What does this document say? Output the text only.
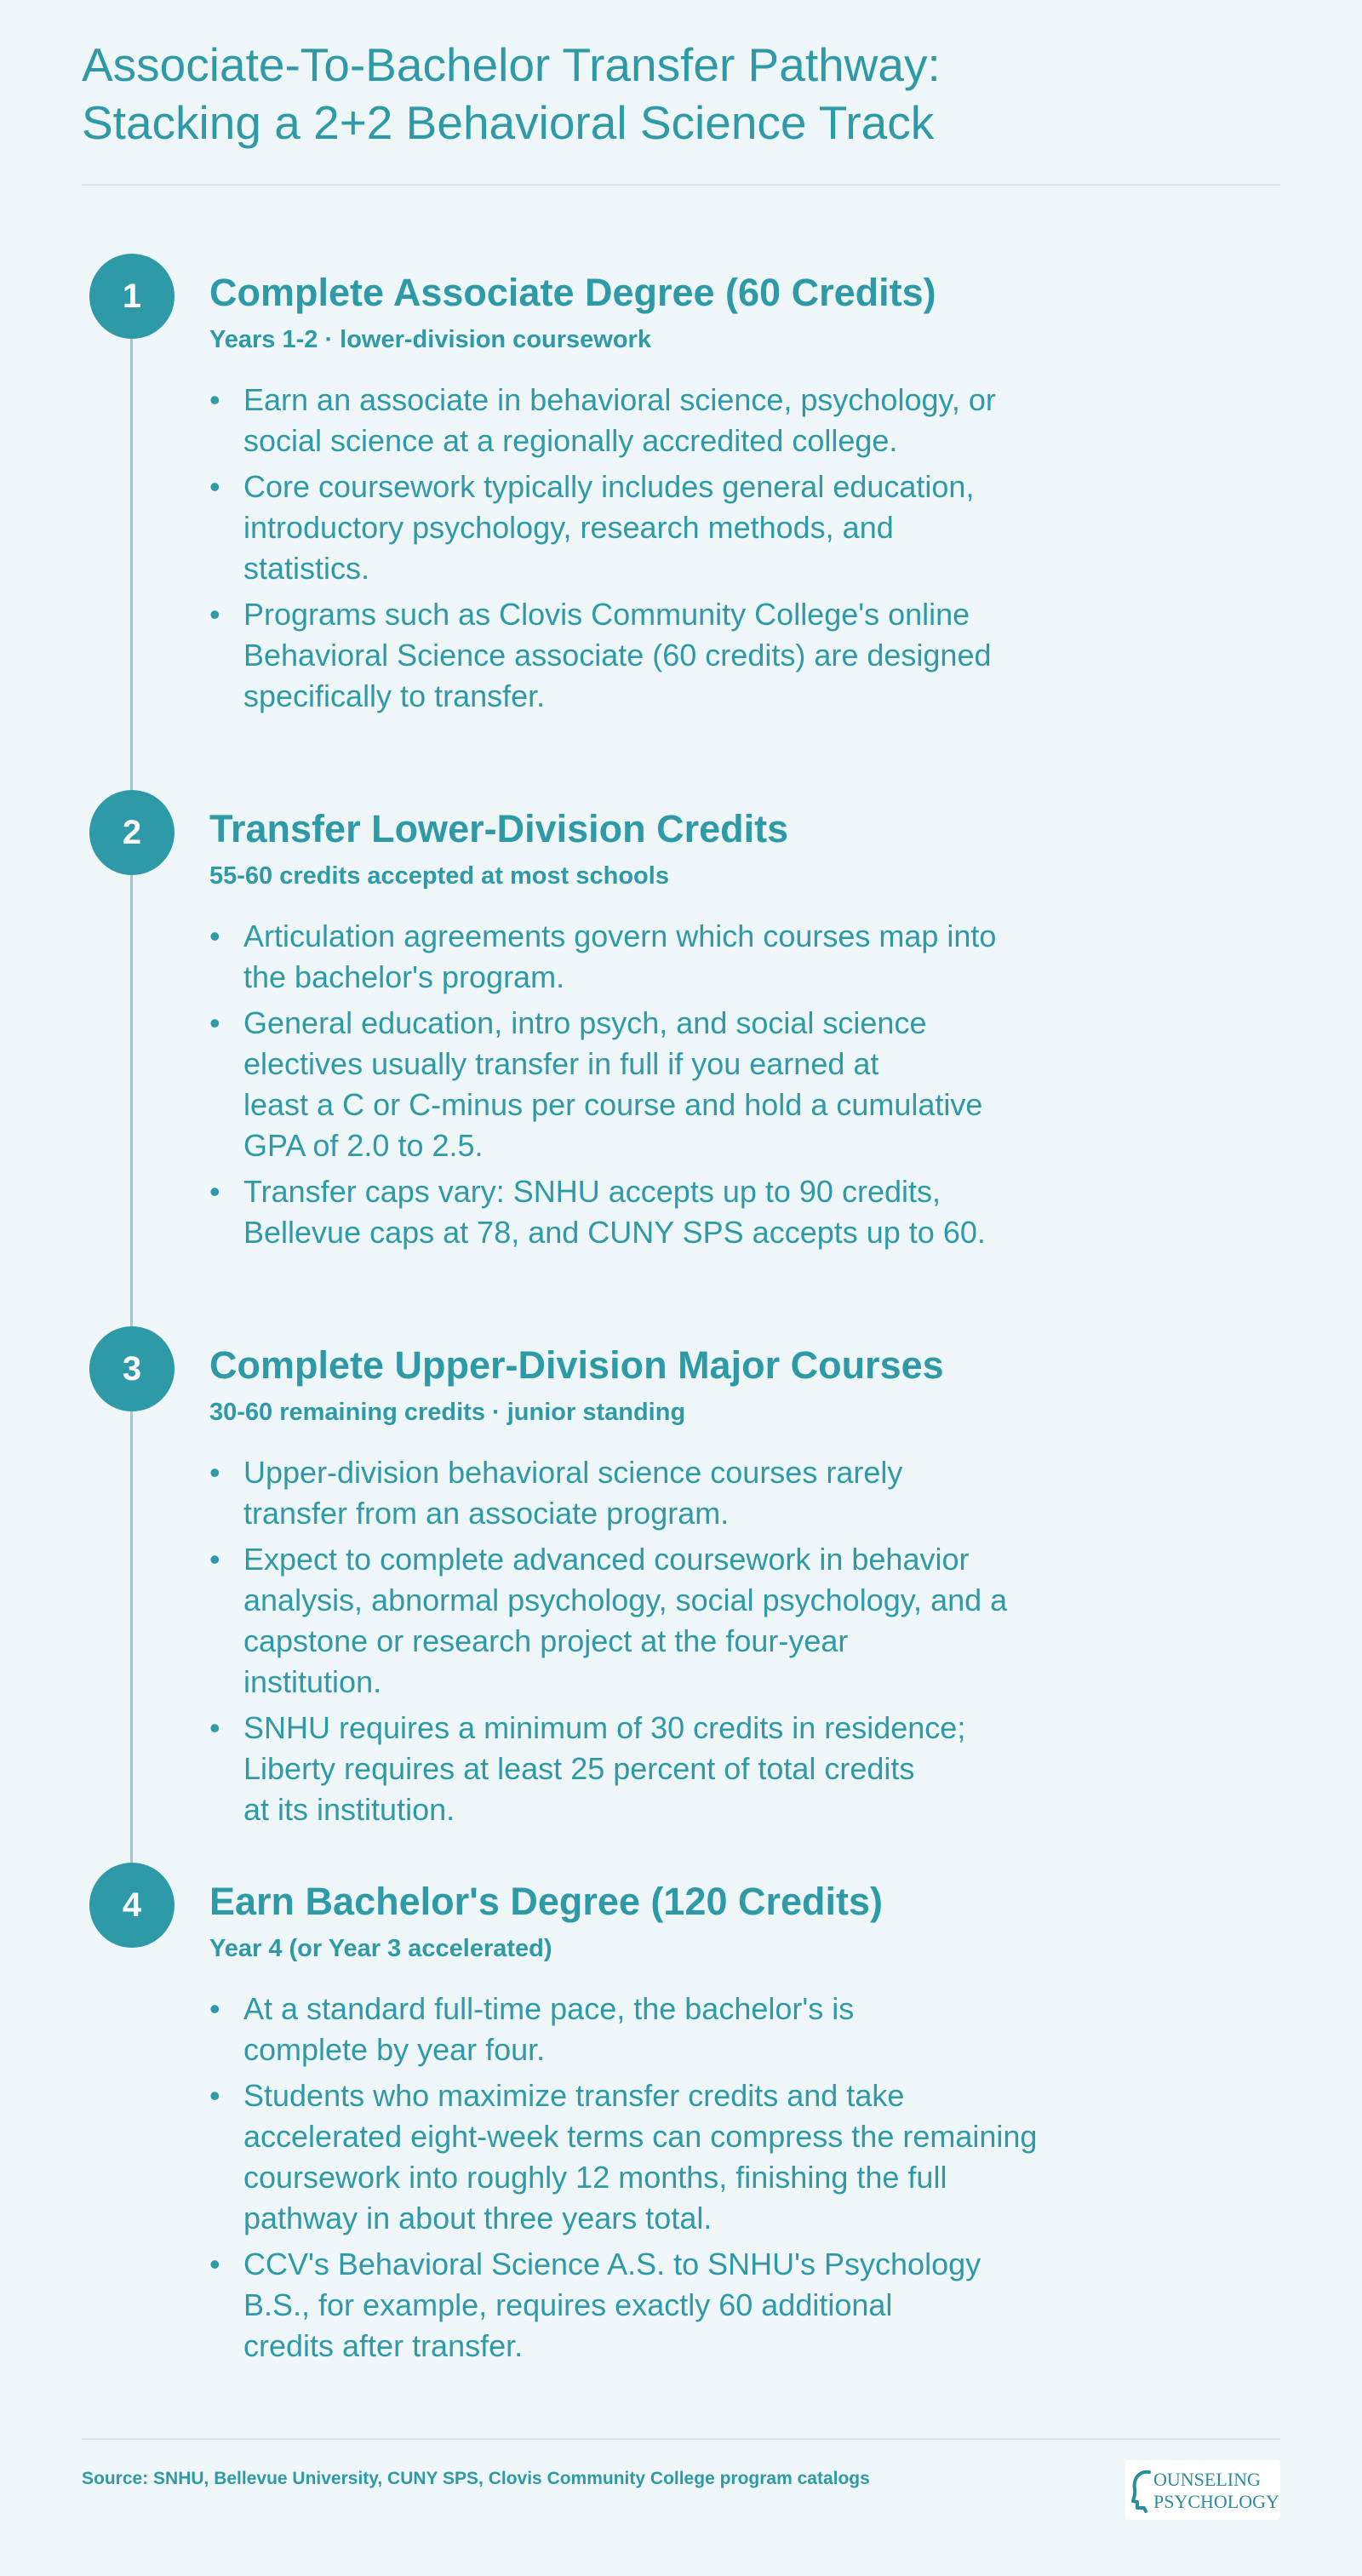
Associate-To-Bachelor Transfer Pathway:
Stacking a 2+2 Behavioral Science Track
1	Complete Associate Degree (60 Credits)
Years 1-2 · lower-division coursework
• Earn an associate in behavioral science, psychology, or
social science at a regionally accredited college.
• Core coursework typically includes general education,
introductory psychology, research methods, and
statistics.
• Programs such as Clovis Community College's online
Behavioral Science associate (60 credits) are designed
specifically to transfer.
2	Transfer Lower-Division Credits
55-60 credits accepted at most schools
• Articulation agreements govern which courses map into
the bachelor's program.
• General education, intro psych, and social science
electives usually transfer in full if you earned at
least a C or C-minus per course and hold a cumulative
GPA of 2.0 to 2.5.
• Transfer caps vary: SNHU accepts up to 90 credits,
Bellevue caps at 78, and CUNY SPS accepts up to 60.
3	Complete Upper-Division Major Courses
30-60 remaining credits · junior standing
• Upper-division behavioral science courses rarely
transfer from an associate program.
• Expect to complete advanced coursework in behavior
analysis, abnormal psychology, social psychology, and a
capstone or research project at the four-year
institution.
• SNHU requires a minimum of 30 credits in residence;
Liberty requires at least 25 percent of total credits
at its institution.
4	Earn Bachelor's Degree (120 Credits)
Year 4 (or Year 3 accelerated)
• At a standard full-time pace, the bachelor's is
complete by year four.
• Students who maximize transfer credits and take
accelerated eight-week terms can compress the remaining
coursework into roughly 12 months, finishing the full
pathway in about three years total.
• CCV's Behavioral Science A.S. to SNHU's Psychology
B.S., for example, requires exactly 60 additional
credits after transfer.
Source: SNHU, Bellevue University, CUNY SPS, Clovis Community College program catalogs	OUNSELING
PSYCHOLOGY
